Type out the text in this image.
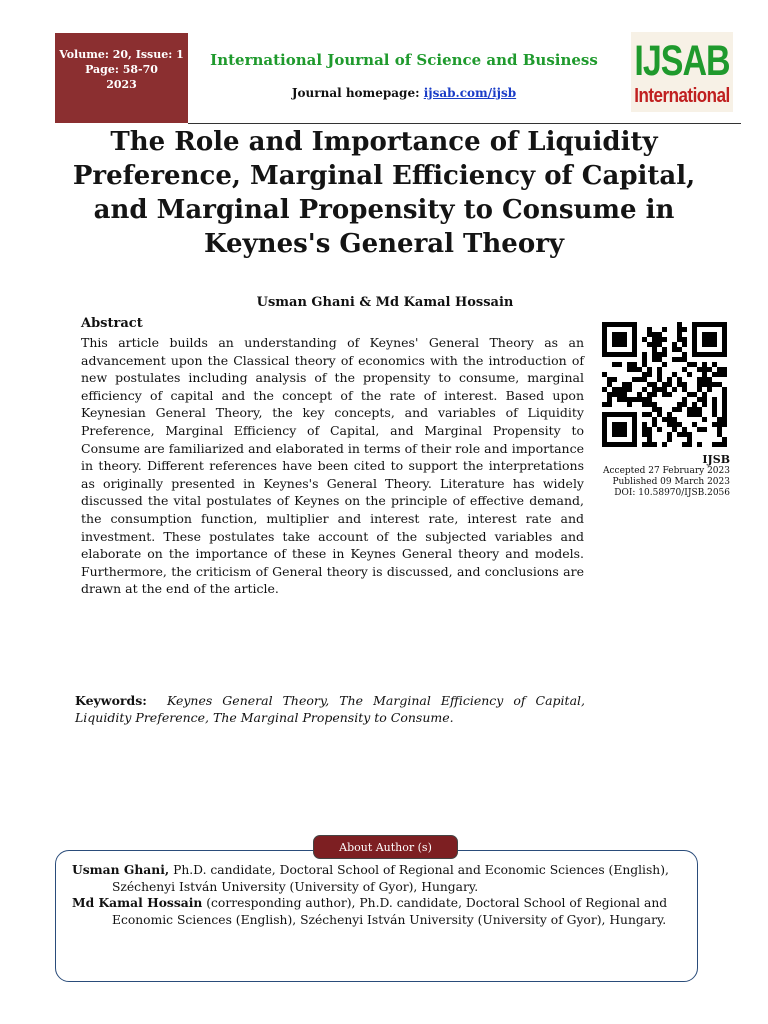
Volume: 20, Issue: 1
Page: 58-70
2023
International Journal of Science and Business
Journal homepage: ijsab.com/ijsb
IJSAB
International
The Role and Importance of Liquidity Preference, Marginal Efficiency of Capital, and Marginal Propensity to Consume in Keynes's General Theory
Usman Ghani & Md Kamal Hossain
Abstract
This article builds an understanding of Keynes' General Theory as an advancement upon the Classical theory of economics with the introduction of new postulates including analysis of the propensity to consume, marginal efficiency of capital and the concept of the rate of interest. Based upon Keynesian General Theory, the key concepts, and variables of Liquidity Preference, Marginal Efficiency of Capital, and Marginal Propensity to Consume are familiarized and elaborated in terms of their role and importance in theory. Different references have been cited to support the interpretations as originally presented in Keynes's General Theory. Literature has widely discussed the vital postulates of Keynes on the principle of effective demand, the consumption function, multiplier and interest rate, interest rate and investment. These postulates take account of the subjected variables and elaborate on the importance of these in Keynes General theory and models. Furthermore, the criticism of General theory is discussed, and conclusions are drawn at the end of the article.
IJSB
Accepted 27 February 2023
Published 09 March 2023
DOI: 10.58970/IJSB.2056
Keywords: Keynes General Theory, The Marginal Efficiency of Capital, Liquidity Preference, The Marginal Propensity to Consume.
About Author (s)
Usman Ghani, Ph.D. candidate, Doctoral School of Regional and Economic Sciences (English),
Széchenyi István University (University of Gyor), Hungary.
Md Kamal Hossain (corresponding author), Ph.D. candidate, Doctoral School of Regional and
Economic Sciences (English), Széchenyi István University (University of Gyor), Hungary.
